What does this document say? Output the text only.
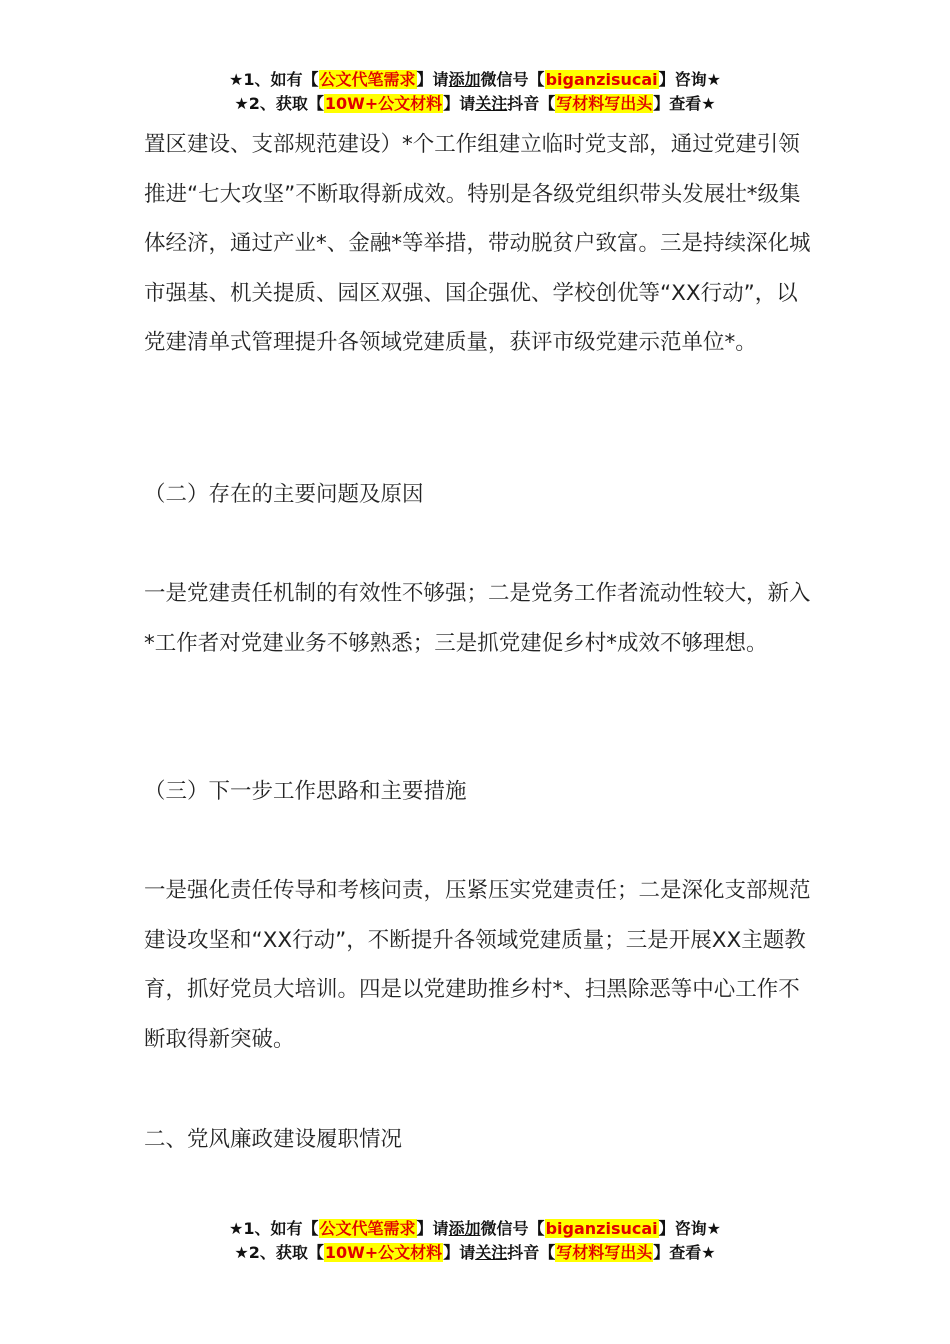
★1、如有【公文代笔需求】请添加微信号【biganzisucai】咨询★
★2、获取【10W+公文材料】请关注抖音【写材料写出头】查看★

置区建设、支部规范建设）*个工作组建立临时党支部，通过党建引领推进“七大攻坚”不断取得新成效。特别是各级党组织带头发展壮*级集体经济，通过产业*、金融*等举措，带动脱贫户致富。三是持续深化城市强基、机关提质、园区双强、国企强优、学校创优等“XX行动”，以党建清单式管理提升各领域党建质量，获评市级党建示范单位*。

（二）存在的主要问题及原因

一是党建责任机制的有效性不够强；二是党务工作者流动性较大，新入*工作者对党建业务不够熟悉；三是抓党建促乡村*成效不够理想。

（三）下一步工作思路和主要措施

一是强化责任传导和考核问责，压紧压实党建责任；二是深化支部规范建设攻坚和“XX行动”，不断提升各领域党建质量；三是开展XX主题教育，抓好党员大培训。四是以党建助推乡村*、扫黑除恶等中心工作不断取得新突破。

二、党风廉政建设履职情况

★1、如有【公文代笔需求】请添加微信号【biganzisucai】咨询★
★2、获取【10W+公文材料】请关注抖音【写材料写出头】查看★
